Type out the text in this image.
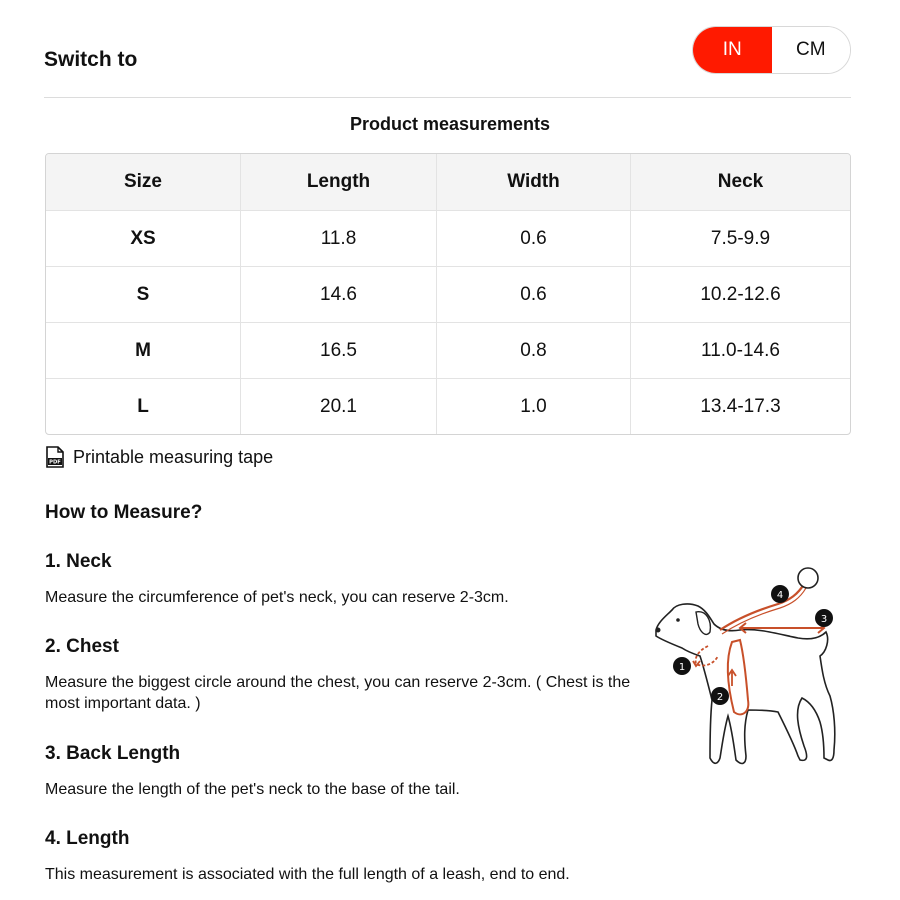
Switch to	IN	CM
Product measurements
Size	Length	Width	Neck
XS	11.8	0.6	7.5-9.9
S	14.6	0.6	10.2-12.6
M	16.5	0.8	11.0-14.6
L	20.1	1.0	13.4-17.3
PDF Printable measuring tape
How to Measure?
1. Neck
Measure the circumference of pet's neck, you can reserve 2-3cm.
2. Chest
Measure the biggest circle around the chest, you can reserve 2-3cm. ( Chest is the most important data. )
3. Back Length
Measure the length of the pet's neck to the base of the tail.
4. Length
This measurement is associated with the full length of a leash, end to end.
1
2
3
4
